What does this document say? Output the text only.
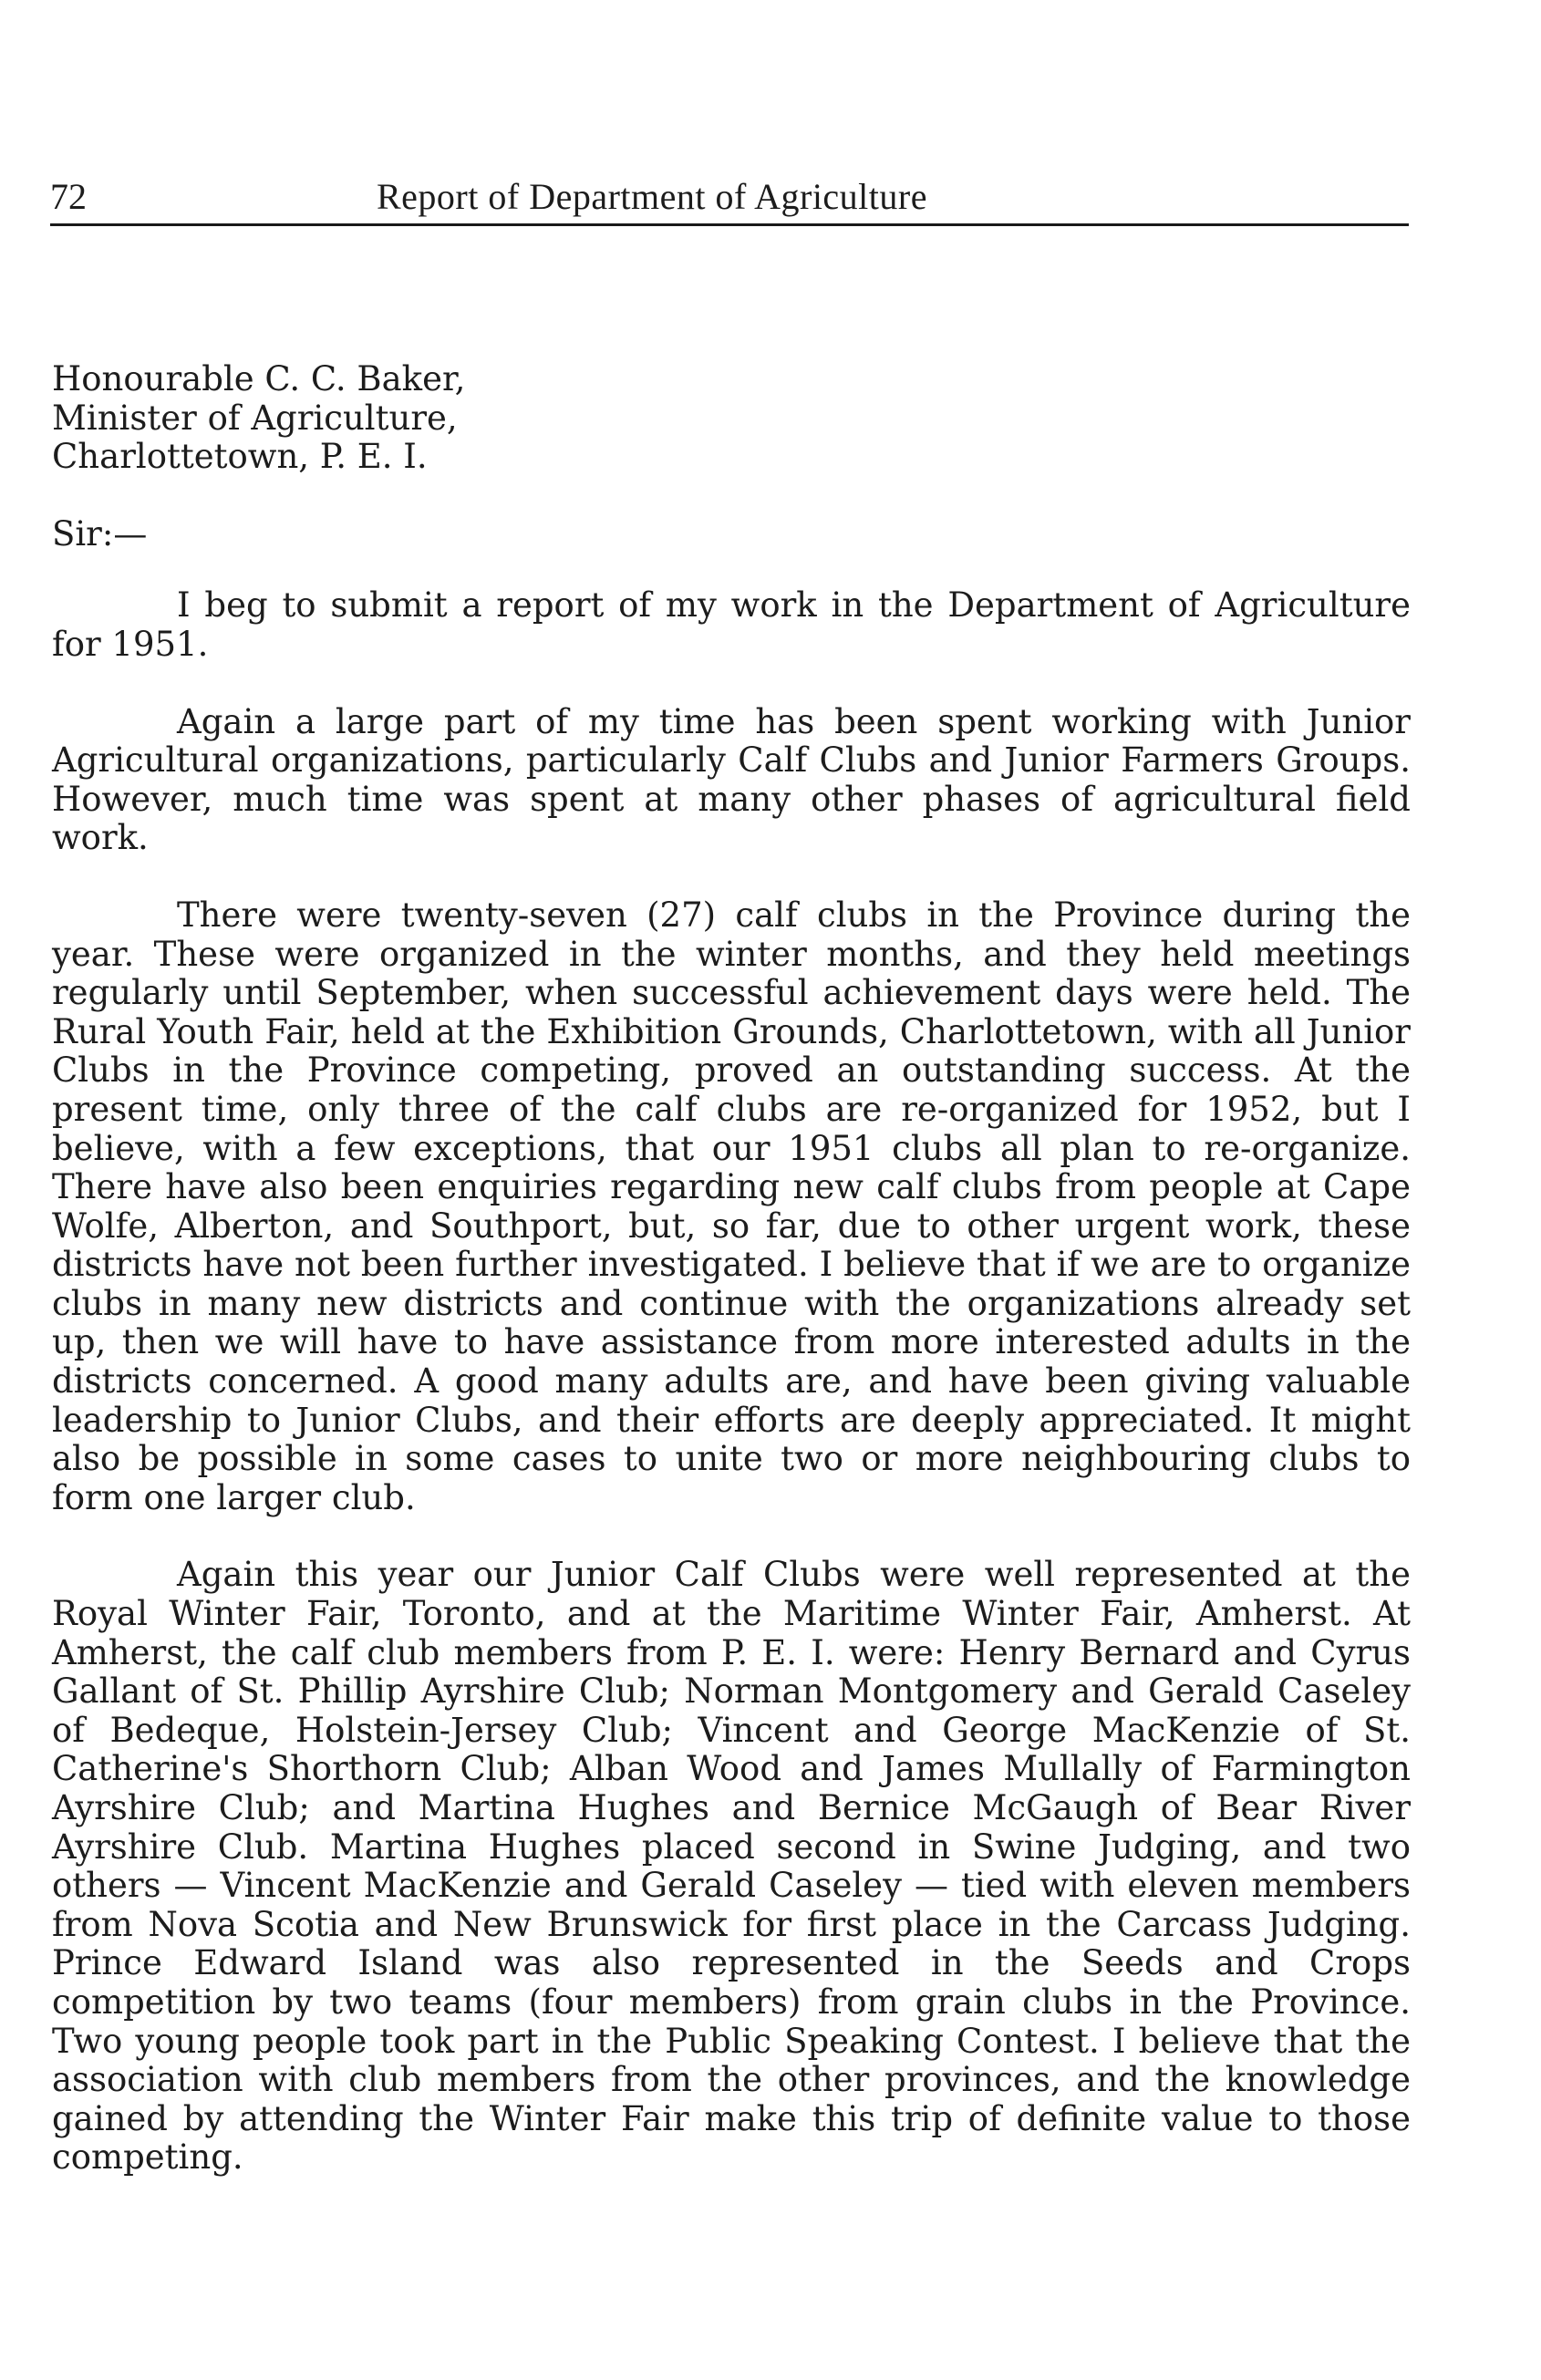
72	Report of Department of Agriculture

Honourable C. C. Baker,

Minister of Agriculture,

Charlottetown, P. E. I.

Sir:—

I beg to submit a report of my work in the Department of Agriculture for 1951.

Again a large part of my time has been spent working with Junior Agricultural organizations, particularly Calf Clubs and Junior Farmers Groups. However, much time was spent at many other phases of agricultural field work.

There were twenty-seven (27) calf clubs in the Province during the year. These were organized in the winter months, and they held meetings regularly until September, when successful achievement days were held. The Rural Youth Fair, held at the Exhibition Grounds, Charlottetown, with all Junior Clubs in the Province competing, proved an outstanding success. At the present time, only three of the calf clubs are re-organized for 1952, but I believe, with a few exceptions, that our 1951 clubs all plan to re-organize. There have also been enquiries regarding new calf clubs from people at Cape Wolfe, Alberton, and Southport, but, so far, due to other urgent work, these districts have not been further investigated. I believe that if we are to organize clubs in many new districts and continue with the organizations already set up, then we will have to have assistance from more interested adults in the districts concerned. A good many adults are, and have been giving valuable leadership to Junior Clubs, and their efforts are deeply appreciated. It might also be possible in some cases to unite two or more neighbouring clubs to form one larger club.

Again this year our Junior Calf Clubs were well represented at the Royal Winter Fair, Toronto, and at the Maritime Winter Fair, Amherst. At Amherst, the calf club members from P. E. I. were: Henry Bernard and Cyrus Gallant of St. Phillip Ayrshire Club; Norman Montgomery and Gerald Caseley of Bedeque, Holstein-Jersey Club; Vincent and George MacKenzie of St. Catherine's Shorthorn Club; Alban Wood and James Mullally of Farmington Ayrshire Club; and Martina Hughes and Bernice McGaugh of Bear River Ayrshire Club. Martina Hughes placed second in Swine Judging, and two others — Vincent MacKenzie and Gerald Caseley — tied with eleven members from Nova Scotia and New Brunswick for first place in the Carcass Judging. Prince Edward Island was also represented in the Seeds and Crops competition by two teams (four members) from grain clubs in the Province. Two young people took part in the Public Speaking Contest. I believe that the association with club members from the other provinces, and the knowledge gained by attending the Winter Fair make this trip of definite value to those competing.
